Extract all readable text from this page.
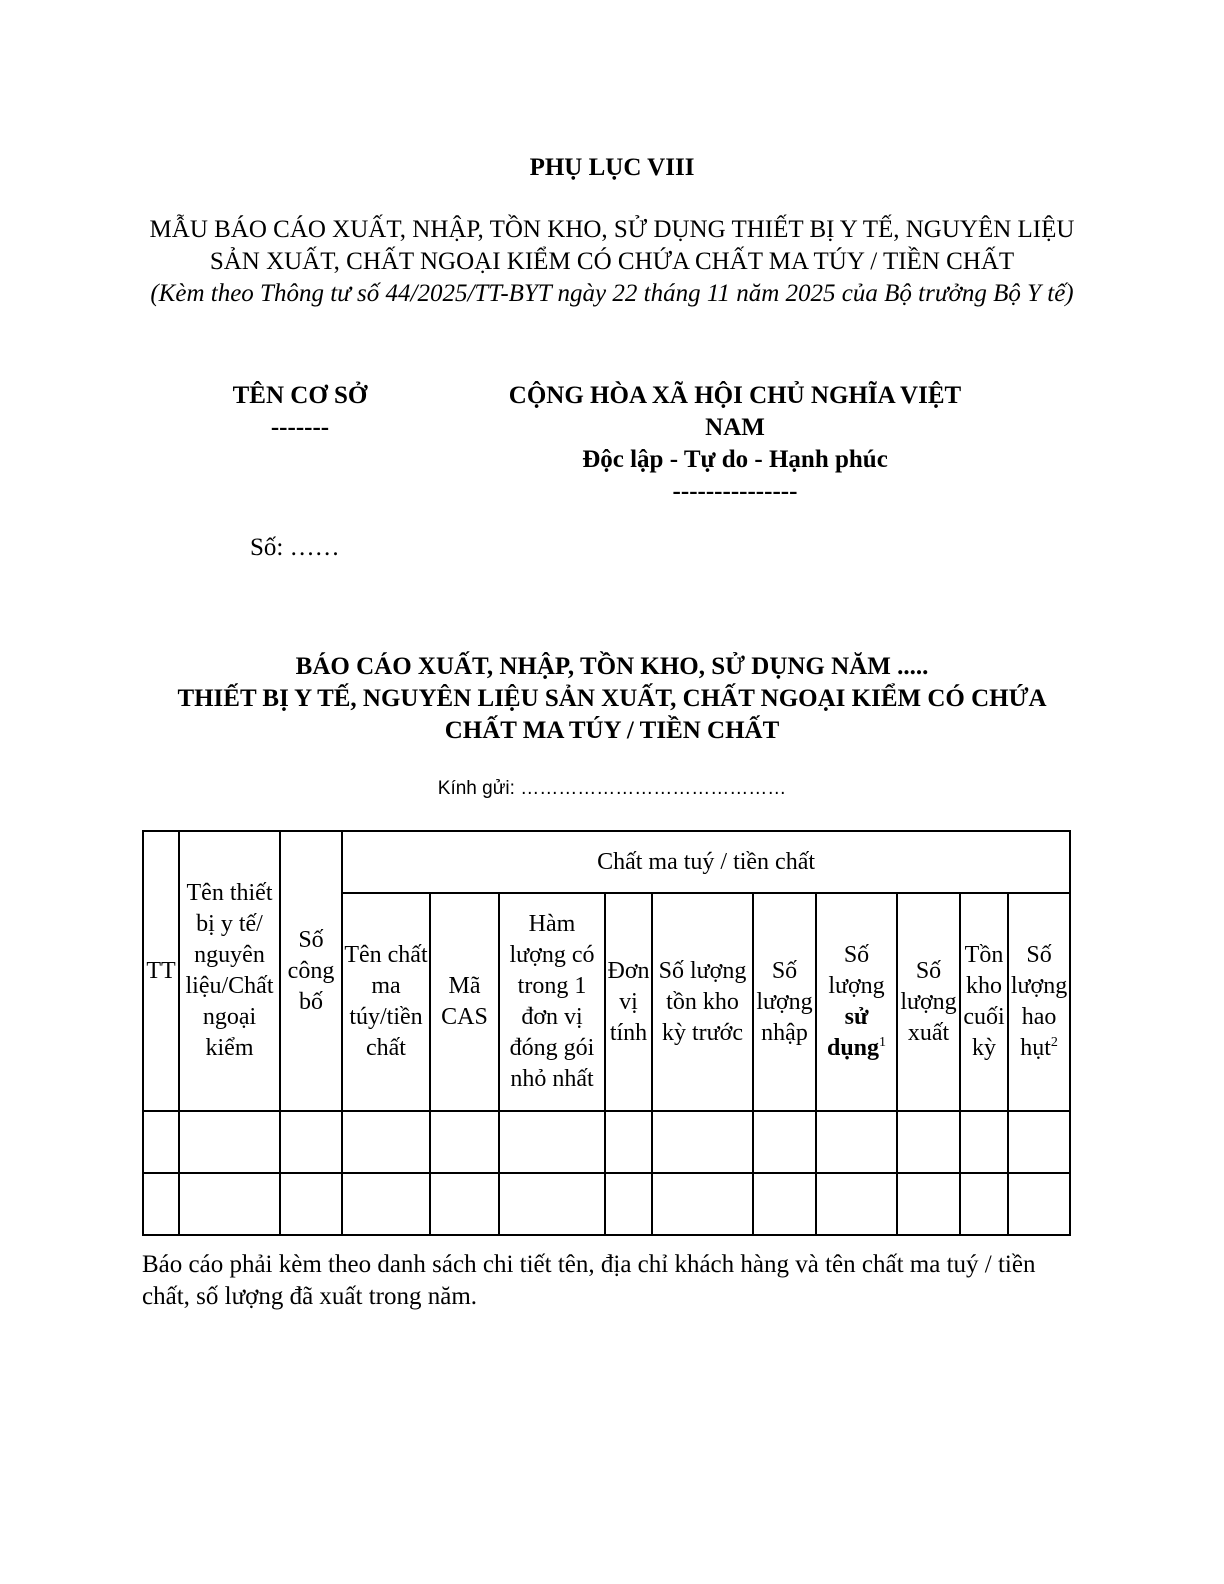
PHỤ LỤC VIII
MẪU BÁO CÁO XUẤT, NHẬP, TỒN KHO, SỬ DỤNG THIẾT BỊ Y TẾ, NGUYÊN LIỆU SẢN XUẤT, CHẤT NGOẠI KIỂM CÓ CHỨA CHẤT MA TÚY / TIỀN CHẤT
(Kèm theo Thông tư số 44/2025/TT-BYT ngày 22 tháng 11 năm 2025 của Bộ trưởng Bộ Y tế)
TÊN CƠ SỞ
-------
CỘNG HÒA XÃ HỘI CHỦ NGHĨA VIỆT NAM
Độc lập - Tự do - Hạnh phúc
---------------
Số: ……
BÁO CÁO XUẤT, NHẬP, TỒN KHO, SỬ DỤNG NĂM .....
THIẾT BỊ Y TẾ, NGUYÊN LIỆU SẢN XUẤT, CHẤT NGOẠI KIỂM CÓ CHỨA CHẤT MA TÚY / TIỀN CHẤT
Kính gửi: ……………………………………
TT	Tên thiết bị y tế/ nguyên liệu/Chất ngoại kiểm	Số công bố	Chất ma tuý / tiền chất									
			Tên chất ma túy/tiền chất	Mã CAS	Hàm lượng có trong 1 đơn vị đóng gói nhỏ nhất	Đơn vị tính	Số lượng tồn kho kỳ trước	Số lượng nhập	Số lượng sử dụng$^1$	Số lượng xuất	Tồn kho cuối kỳ	Số lượng hao hụt$^2$

Báo cáo phải kèm theo danh sách chi tiết tên, địa chỉ khách hàng và tên chất ma tuý / tiền chất, số lượng đã xuất trong năm.
